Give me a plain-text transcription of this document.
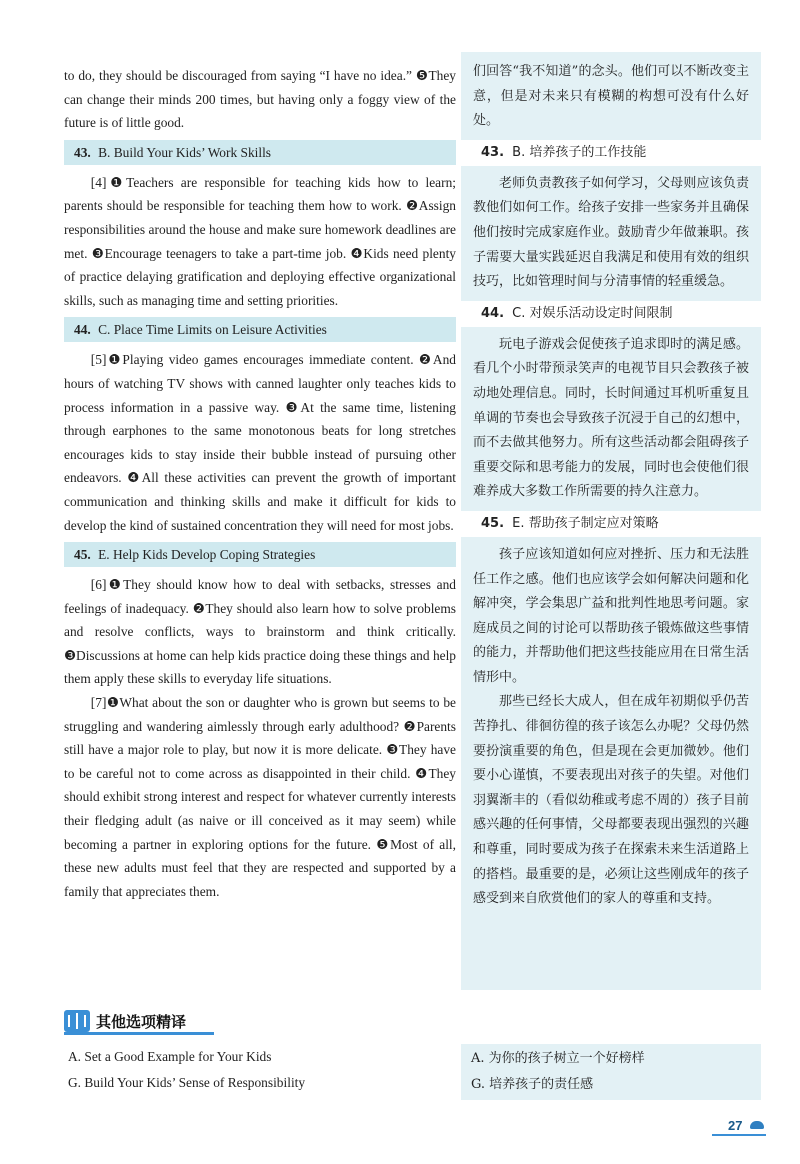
to do, they should be discouraged from saying “I have no idea.” ❺They can change their minds 200 times, but having only a foggy view of the future is of little good.

43. B. Build Your Kids’ Work Skills

[4]❶Teachers are responsible for teaching kids how to learn; parents should be responsible for teaching them how to work. ❷Assign responsibilities around the house and make sure homework deadlines are met. ❸Encourage teenagers to take a part-time job. ❹Kids need plenty of practice delaying gratification and deploying effective organizational skills, such as managing time and setting priorities.

44. C. Place Time Limits on Leisure Activities

[5]❶Playing video games encourages immediate content. ❷And hours of watching TV shows with canned laughter only teaches kids to process information in a passive way. ❸At the same time, listening through earphones to the same monotonous beats for long stretches encourages kids to stay inside their bubble instead of pursuing other endeavors. ❹All these activities can prevent the growth of important communication and thinking skills and make it difficult for kids to develop the kind of sustained concentration they will need for most jobs.

45. E. Help Kids Develop Coping Strategies

[6]❶They should know how to deal with setbacks, stresses and feelings of inadequacy. ❷They should also learn how to solve problems and resolve conflicts, ways to brainstorm and think critically. ❸Discussions at home can help kids practice doing these things and help them apply these skills to everyday life situations.

[7]❶What about the son or daughter who is grown but seems to be struggling and wandering aimlessly through early adulthood? ❷Parents still have a major role to play, but now it is more delicate. ❸They have to be careful not to come across as disappointed in their child. ❹They should exhibit strong interest and respect for whatever currently interests their fledging adult (as naive or ill conceived as it may seem) while becoming a partner in exploring options for the future. ❺Most of all, these new adults must feel that they are respected and supported by a family that appreciates them.

们回答“我不知道”的念头。他们可以不断改变主意，但是对未来只有模糊的构想可没有什么好处。

43. B. 培养孩子的工作技能

老师负责教孩子如何学习，父母则应该负责教他们如何工作。给孩子安排一些家务并且确保他们按时完成家庭作业。鼓励青少年做兼职。孩子需要大量实践延迟自我满足和使用有效的组织技巧，比如管理时间与分清事情的轻重缓急。

44. C. 对娱乐活动设定时间限制

玩电子游戏会促使孩子追求即时的满足感。看几个小时带预录笑声的电视节目只会教孩子被动地处理信息。同时，长时间通过耳机听重复且单调的节奏也会导致孩子沉浸于自己的幻想中，而不去做其他努力。所有这些活动都会阻碍孩子重要交际和思考能力的发展，同时也会使他们很难养成大多数工作所需要的持久注意力。

45. E. 帮助孩子制定应对策略

孩子应该知道如何应对挫折、压力和无法胜任工作之感。他们也应该学会如何解决问题和化解冲突，学会集思广益和批判性地思考问题。家庭成员之间的讨论可以帮助孩子锻炼做这些事情的能力，并帮助他们把这些技能应用在日常生活情形中。

那些已经长大成人，但在成年初期似乎仍苦苦挣扎、徘徊彷徨的孩子该怎么办呢？父母仍然要扮演重要的角色，但是现在会更加微妙。他们要小心谨慎，不要表现出对孩子的失望。对他们羽翼渐丰的（看似幼稚或考虑不周的）孩子目前感兴趣的任何事情，父母都要表现出强烈的兴趣和尊重，同时要成为孩子在探索未来生活道路上的搭档。最重要的是，必须让这些刚成年的孩子感受到来自欣赏他们的家人的尊重和支持。

其他选项精译
A. Set a Good Example for Your Kids
G. Build Your Kids’ Sense of Responsibility
A. 为你的孩子树立一个好榜样
G. 培养孩子的责任感
27
